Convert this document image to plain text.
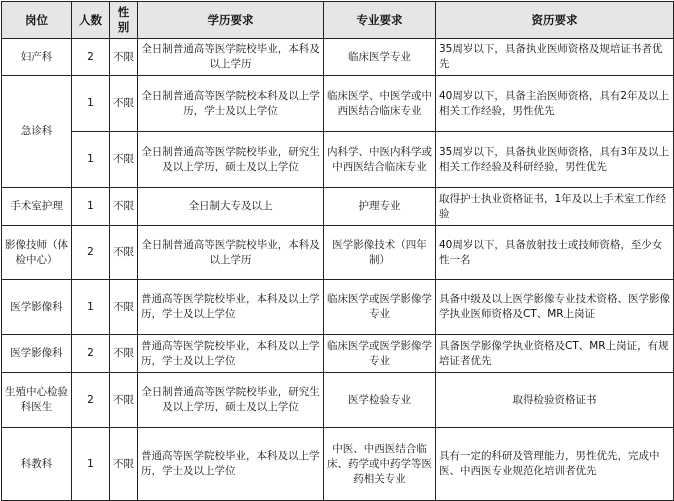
岗位	人数	性别	学历要求	专业要求	资历要求
妇产科	2	不限	全日制普通高等医学院校毕业，本科及以上学历	临床医学专业	35周岁以下，具备执业医师资格及规培证书者优先
急诊科	1	不限	全日制普通高等医学院校本科及以上学历，学士及以上学位	临床医学、中医学或中西医结合临床专业	40周岁以下，具备主治医师资格，具有2年及以上相关工作经验，男性优先
	1	不限	全日制普通高等医学院校毕业，研究生及以上学历，硕士及以上学位	内科学、中医内科学或中西医结合临床专业	35周岁以下，具备执业医师资格，具有3年及以上相关工作经验及科研经验，男性优先
手术室护理	1	不限	全日制大专及以上	护理专业	取得护士执业资格证书，1年及以上手术室工作经验
影像技师（体检中心）	2	不限	全日制普通高等医学院校毕业，本科及以上学历	医学影像技术（四年制）	40周岁以下，具备放射技士或技师资格，至少女性一名
医学影像科	1	不限	普通高等医学院校毕业，本科及以上学历，学士及以上学位	临床医学或医学影像学专业	具备中级及以上医学影像专业技术资格、医学影像学执业医师资格及CT、MR上岗证
医学影像科	2	不限	普通高等医学院校毕业，本科及以上学历，学士及以上学位	临床医学或医学影像学专业	具备医学影像学执业资格及CT、MR上岗证，有规培证者优先
生殖中心检验科医生	2	不限	全日制普通高等医学院校毕业，研究生及以上学历，硕士及以上学位	医学检验专业	取得检验资格证书
科教科	1	不限	普通高等医学院校毕业，本科及以上学历，学士及以上学位	中医、中西医结合临床、药学或中药学等医药相关专业	具有一定的科研及管理能力，男性优先，完成中医、中西医专业规范化培训者优先
